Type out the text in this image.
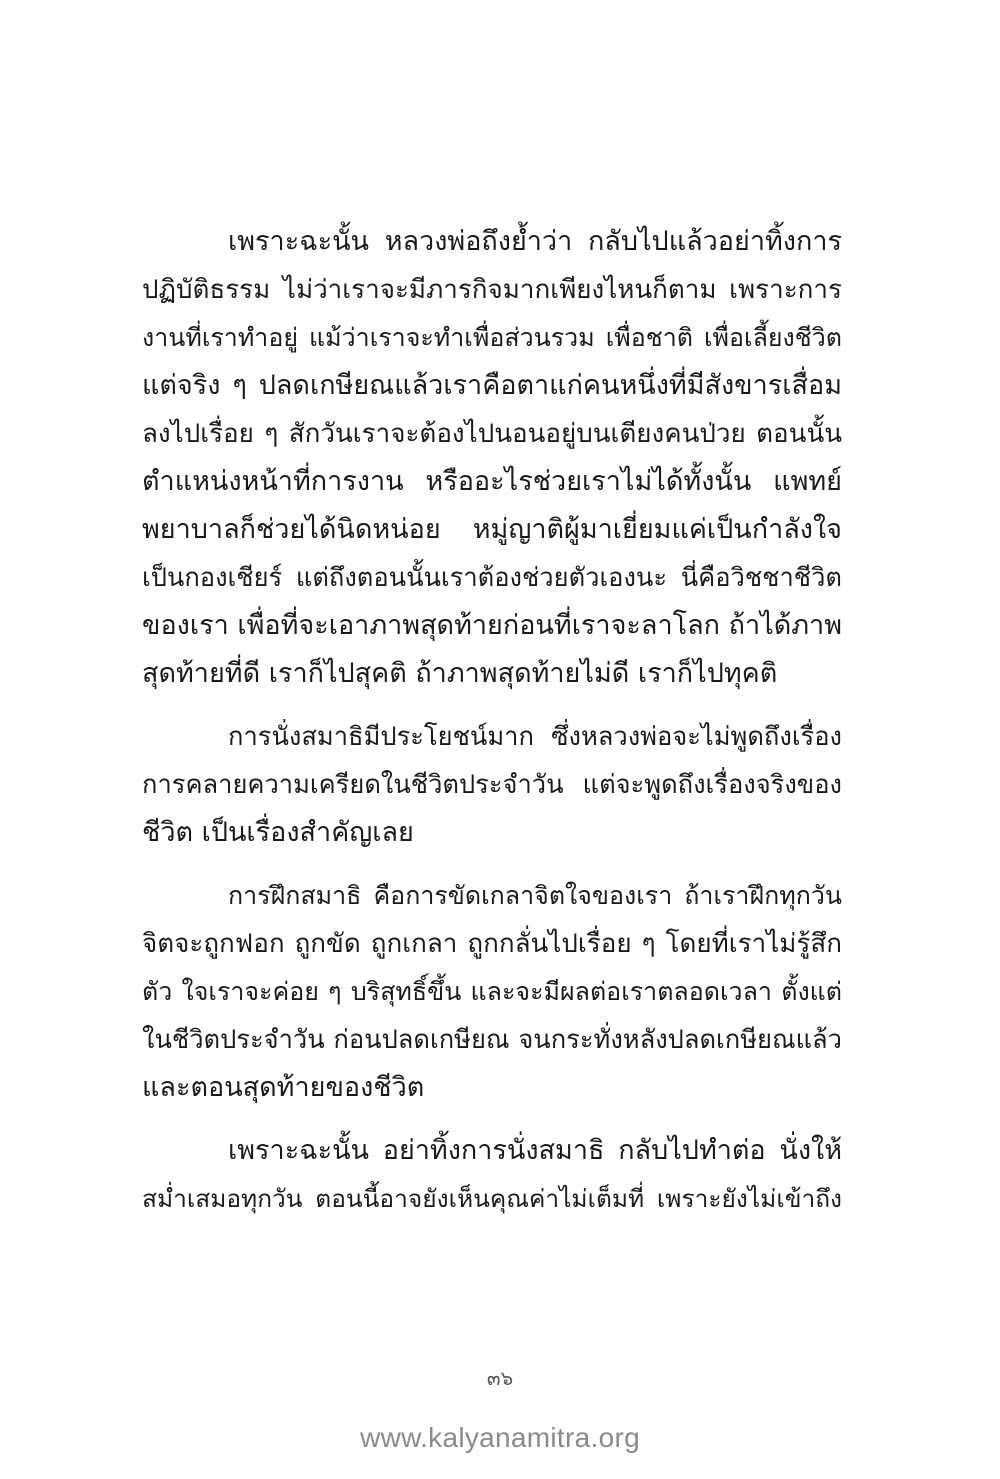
เพราะฉะนั้น หลวงพ่อถึงย้ำว่า กลับไปแล้วอย่าทิ้งการ
ปฏิบัติธรรม ไม่ว่าเราจะมีภารกิจมากเพียงไหนก็ตาม เพราะการ
งานที่เราทำอยู่ แม้ว่าเราจะทำเพื่อส่วนรวม เพื่อชาติ เพื่อเลี้ยงชีวิต
แต่จริง ๆ ปลดเกษียณแล้วเราคือตาแก่คนหนึ่งที่มีสังขารเสื่อม
ลงไปเรื่อย ๆ สักวันเราจะต้องไปนอนอยู่บนเตียงคนป่วย ตอนนั้น
ตำแหน่งหน้าที่การงาน หรืออะไรช่วยเราไม่ได้ทั้งนั้น แพทย์
พยาบาลก็ช่วยได้นิดหน่อย หมู่ญาติผู้มาเยี่ยมแค่เป็นกำลังใจ
เป็นกองเชียร์ แต่ถึงตอนนั้นเราต้องช่วยตัวเองนะ นี่คือวิชชาชีวิต
ของเรา เพื่อที่จะเอาภาพสุดท้ายก่อนที่เราจะลาโลก ถ้าได้ภาพ
สุดท้ายที่ดี เราก็ไปสุคติ ถ้าภาพสุดท้ายไม่ดี เราก็ไปทุคติ
การนั่งสมาธิมีประโยชน์มาก ซึ่งหลวงพ่อจะไม่พูดถึงเรื่อง
การคลายความเครียดในชีวิตประจำวัน แต่จะพูดถึงเรื่องจริงของ
ชีวิต เป็นเรื่องสำคัญเลย
การฝึกสมาธิ คือการขัดเกลาจิตใจของเรา ถ้าเราฝึกทุกวัน
จิตจะถูกฟอก ถูกขัด ถูกเกลา ถูกกลั่นไปเรื่อย ๆ โดยที่เราไม่รู้สึก
ตัว ใจเราจะค่อย ๆ บริสุทธิ์ขึ้น และจะมีผลต่อเราตลอดเวลา ตั้งแต่
ในชีวิตประจำวัน ก่อนปลดเกษียณ จนกระทั่งหลังปลดเกษียณแล้ว
และตอนสุดท้ายของชีวิต
เพราะฉะนั้น อย่าทิ้งการนั่งสมาธิ กลับไปทำต่อ นั่งให้
สม่ำเสมอทุกวัน ตอนนี้อาจยังเห็นคุณค่าไม่เต็มที่ เพราะยังไม่เข้าถึง
๓๖
www.kalyanamitra.org
